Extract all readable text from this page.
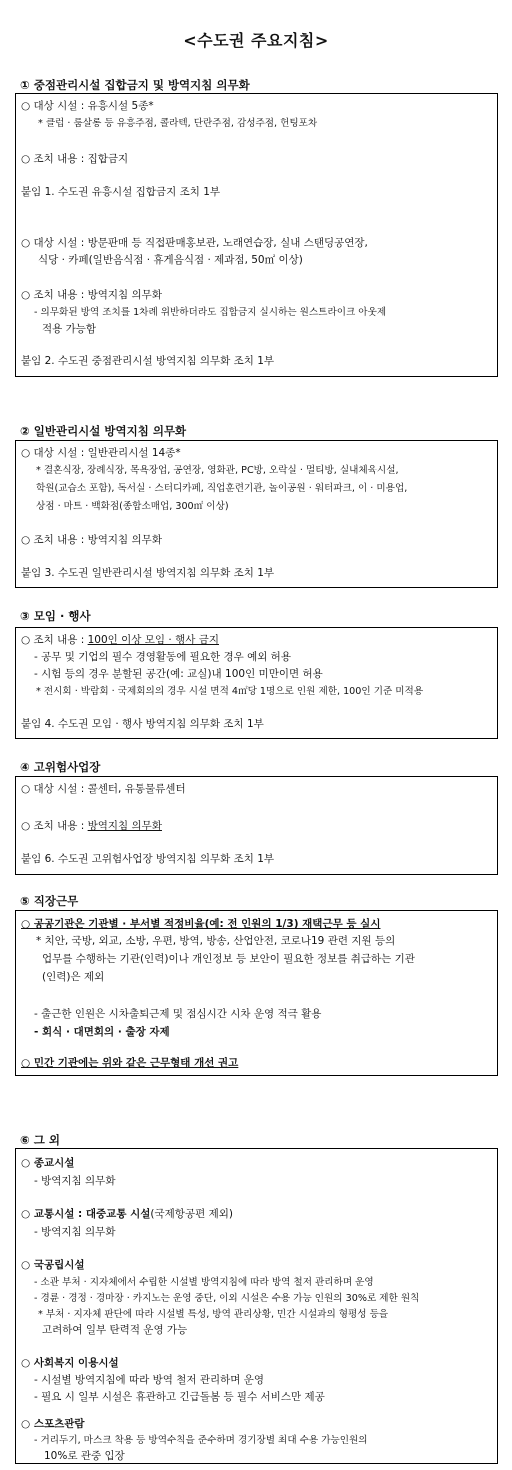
<수도권 주요지침>
① 중점관리시설 집합금지 및 방역지침 의무화
○ 대상 시설 : 유흥시설 5종*
* 클럽 · 룸살롱 등 유흥주점, 콜라텍, 단란주점, 감성주점, 헌팅포차
○ 조치 내용 : 집합금지
붙임 1. 수도권 유흥시설 집합금지 조치 1부
○ 대상 시설 : 방문판매 등 직접판매홍보관, 노래연습장, 실내 스탠딩공연장,
식당 · 카페(일반음식점 · 휴게음식점 · 제과점, 50㎡ 이상)
○ 조치 내용 : 방역지침 의무화
- 의무화된 방역 조치를 1차례 위반하더라도 집합금지 실시하는 원스트라이크 아웃제
적용 가능함
붙임 2. 수도권 중점관리시설 방역지침 의무화 조치 1부
② 일반관리시설 방역지침 의무화
○ 대상 시설 : 일반관리시설 14종*
* 결혼식장, 장례식장, 목욕장업, 공연장, 영화관, PC방, 오락실 · 멀티방, 실내체육시설,
학원(교습소 포함), 독서실 · 스터디카페, 직업훈련기관, 놀이공원 · 워터파크, 이 · 미용업,
상점 · 마트 · 백화점(종합소매업, 300㎡ 이상)
○ 조치 내용 : 방역지침 의무화
붙임 3. 수도권 일반관리시설 방역지침 의무화 조치 1부
③ 모임 · 행사
○ 조치 내용 : 100인 이상 모임 · 행사 금지
- 공무 및 기업의 필수 경영활동에 필요한 경우 예외 허용
- 시험 등의 경우 분할된 공간(예: 교실)내 100인 미만이면 허용
* 전시회 · 박람회 · 국제회의의 경우 시설 면적 4㎡당 1명으로 인원 제한, 100인 기준 미적용
붙임 4. 수도권 모임 · 행사 방역지침 의무화 조치 1부
④ 고위험사업장
○ 대상 시설 : 콜센터, 유통물류센터
○ 조치 내용 : 방역지침 의무화
붙임 6. 수도권 고위험사업장 방역지침 의무화 조치 1부
⑤ 직장근무
○ 공공기관은 기관별 · 부서별 적정비율(예: 전 인원의 1/3) 재택근무 등 실시
* 치안, 국방, 외교, 소방, 우편, 방역, 방송, 산업안전, 코로나19 관련 지원 등의
업무를 수행하는 기관(인력)이나 개인정보 등 보안이 필요한 정보를 취급하는 기관
(인력)은 제외
- 출근한 인원은 시차출퇴근제 및 점심시간 시차 운영 적극 활용
- 회식 · 대면회의 · 출장 자제
○ 민간 기관에는 위와 같은 근무형태 개선 권고
⑥ 그 외
○ 종교시설
- 방역지침 의무화
○ 교통시설 : 대중교통 시설(국제항공편 제외)
- 방역지침 의무화
○ 국공립시설
- 소관 부처 · 지자체에서 수립한 시설별 방역지침에 따라 방역 철저 관리하며 운영
- 경륜 · 경정 · 경마장 · 카지노는 운영 중단, 이외 시설은 수용 가능 인원의 30%로 제한 원칙
* 부처 · 지자체 판단에 따라 시설별 특성, 방역 관리상황, 민간 시설과의 형평성 등을
고려하여 일부 탄력적 운영 가능
○ 사회복지 이용시설
- 시설별 방역지침에 따라 방역 철저 관리하며 운영
- 필요 시 일부 시설은 휴관하고 긴급돌봄 등 필수 서비스만 제공
○ 스포츠관람
- 거리두기, 마스크 착용 등 방역수칙을 준수하며 경기장별 최대 수용 가능인원의
10%로 관중 입장
